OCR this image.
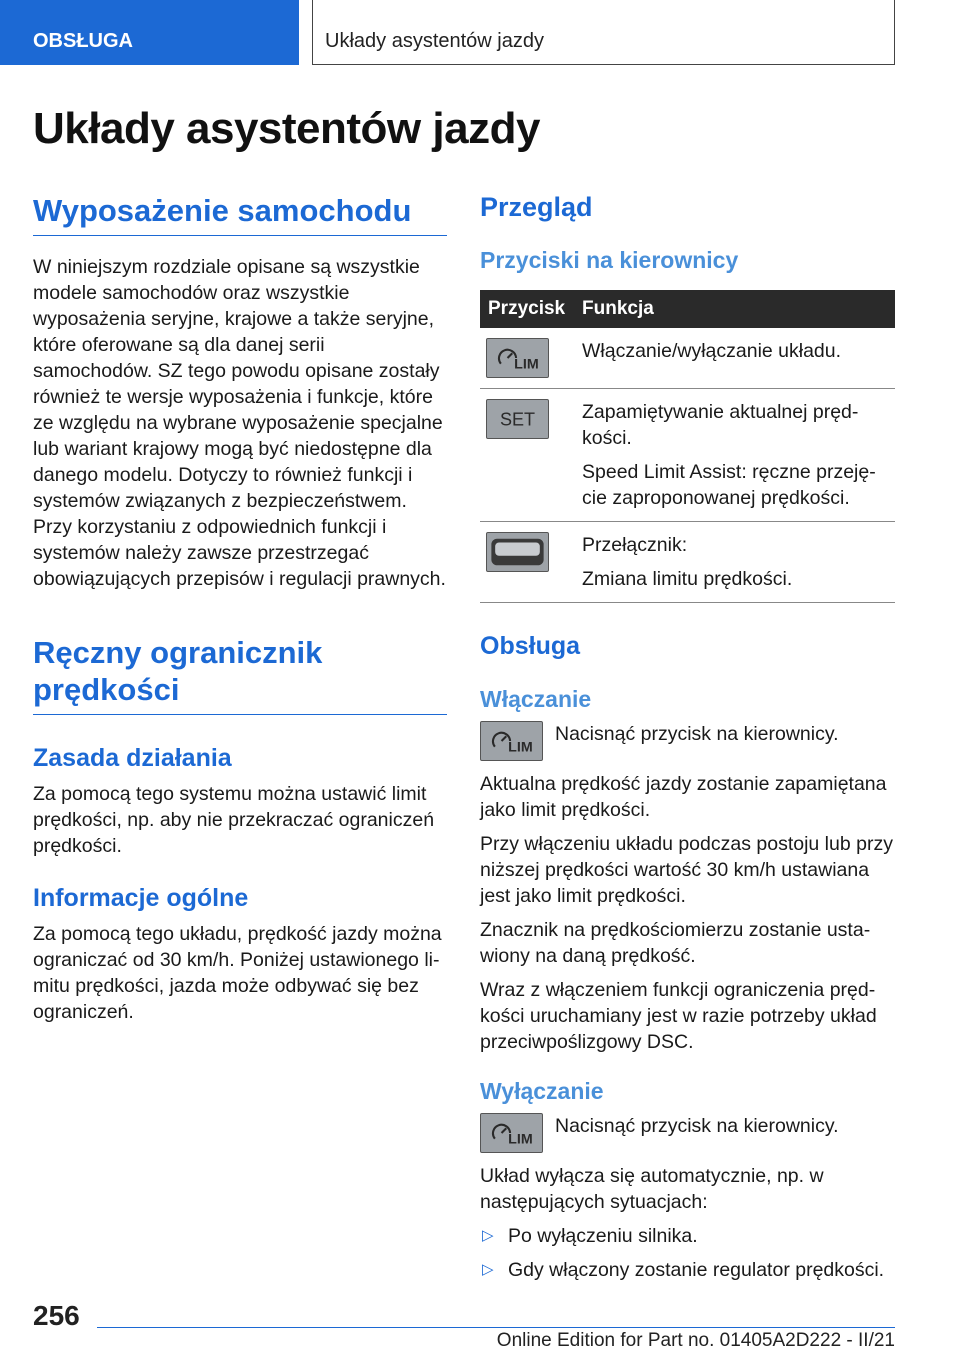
OBSŁUGA	Układy asystentów jazdy
Układy asystentów jazdy
Wyposażenie samochodu

W niniejszym rozdziale opisane są wszystkie modele samochodów oraz wszystkie wyposażenia seryjne, krajowe a także seryjne, które oferowane są dla danej serii samochodów. SZ tego powodu opisane zostały również te wersje wyposażenia i funkcje, które ze względu na wybrane wyposażenie specjalne lub wariant krajowy mogą być niedostępne dla danego modelu. Dotyczy to również funkcji i systemów związanych z bezpieczeństwem. Przy korzystaniu z odpowiednich funkcji i systemów należy zawsze przestrzegać obowiązujących przepisów i regulacji prawnych.

Ręczny ogranicznik prędkości
Zasada działania

Za pomocą tego systemu można ustawić limit prędkości, np. aby nie przekraczać ograniczeń prędkości.

Informacje ogólne

Za pomocą tego układu, prędkość jazdy można ograniczać od 30 km/h. Poniżej ustawionego limitu prędkości, jazda może odbywać się bez ograniczeń.

Przegląd
Przyciski na kierownicy
Przycisk	Funkcja

LIM	Włączanie/wyłączanie układu.

SET	Zapamiętywanie aktualnej prędkości.

Speed Limit Assist: ręczne przejęcie zaproponowanej prędkości.

Przełącznik:

Zmiana limitu prędkości.

Obsługa
Włączanie
LIM

Nacisnąć przycisk na kierownicy.

Aktualna prędkość jazdy zostanie zapamiętana jako limit prędkości.

Przy włączeniu układu podczas postoju lub przy niższej prędkości wartość 30 km/h ustawiana jest jako limit prędkości.

Znacznik na prędkościomierzu zostanie ustawiony na daną prędkość.

Wraz z włączeniem funkcji ograniczenia prędkości uruchamiany jest w razie potrzeby układ przeciwpoślizgowy DSC.

Wyłączanie
LIM

Nacisnąć przycisk na kierownicy.

Układ wyłącza się automatycznie, np. w następujących sytuacjach:

▷ Po wyłączeniu silnika.
▷ Gdy włączony zostanie regulator prędkości.
256
Online Edition for Part no. 01405A2D222 - II/21
